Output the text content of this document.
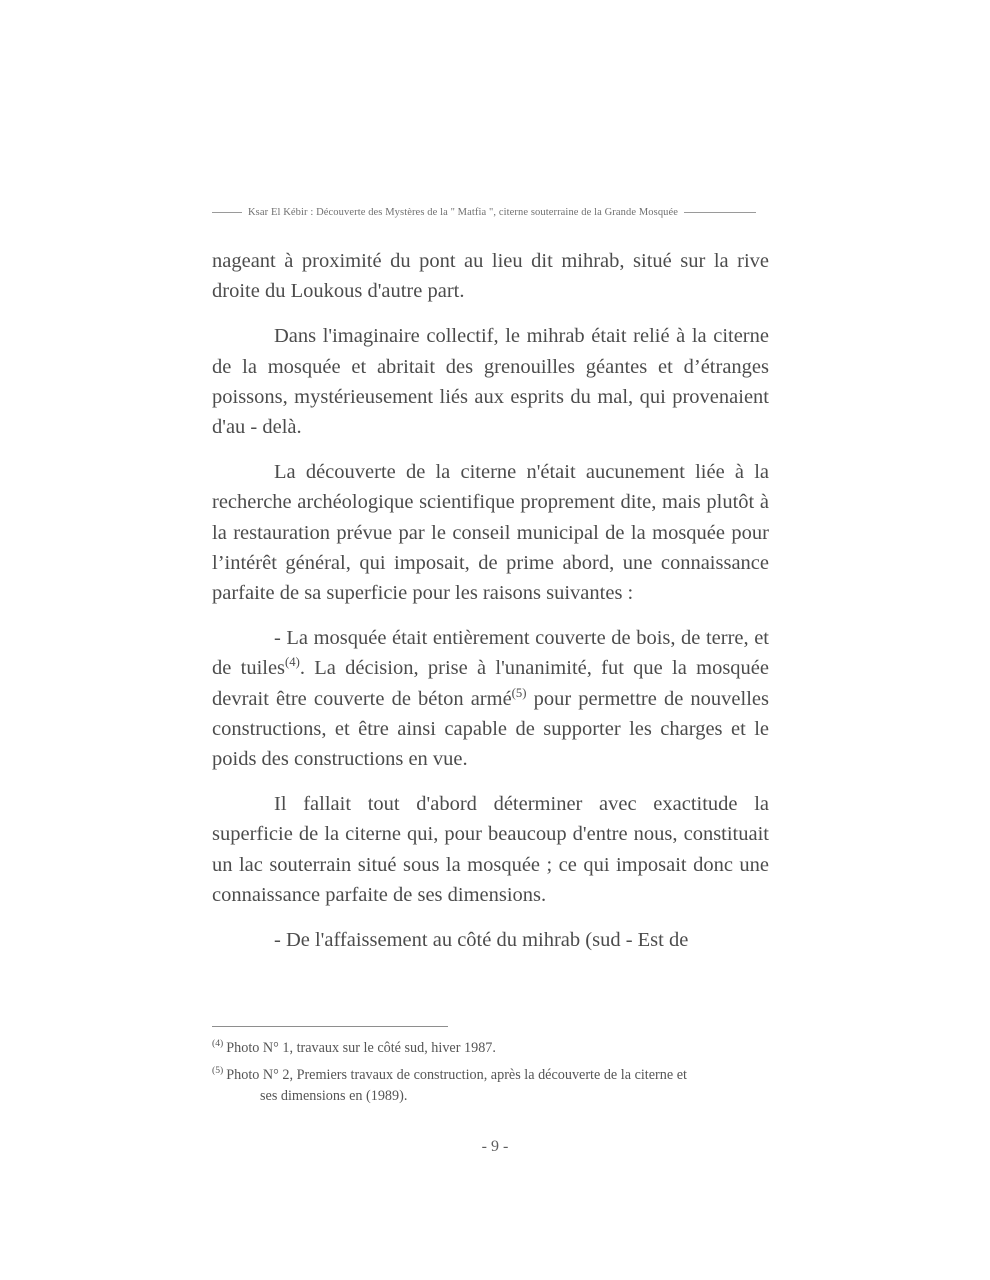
Ksar El Kébir : Découverte des Mystères de la " Matfia ", citerne souterraine de la Grande Mosquée

nageant à proximité du pont au lieu dit mihrab, situé sur la rive droite du Loukous d'autre part.

Dans l'imaginaire collectif, le mihrab était relié à la citerne de la mosquée et abritait des grenouilles géantes et d’étranges poissons, mystérieusement liés aux esprits du mal, qui provenaient d'au - delà.

La découverte de la citerne n'était aucunement liée à la recherche archéologique scientifique proprement dite, mais plutôt à la restauration prévue par le conseil municipal de la mosquée pour l’intérêt général, qui imposait, de prime abord, une connaissance parfaite de sa superficie pour les raisons suivantes :

- La mosquée était entièrement couverte de bois, de terre, et de tuiles$^{(4)}$. La décision, prise à l'unanimité, fut que la mosquée devrait être couverte de béton armé$^{(5)}$ pour permettre de nouvelles constructions, et être ainsi capable de supporter les charges et le poids des constructions en vue.

Il fallait tout d'abord déterminer avec exactitude la superficie de la citerne qui, pour beaucoup d'entre nous, constituait un lac souterrain situé sous la mosquée ; ce qui imposait donc une connaissance parfaite de ses dimensions.

- De l'affaissement au côté du mihrab (sud - Est de

$^{(4)}$ Photo N° 1, travaux sur le côté sud, hiver 1987.

$^{(5)}$ Photo N° 2, Premiers travaux de construction, après la découverte de la citerne et
ses dimensions en (1989).

- 9 -
